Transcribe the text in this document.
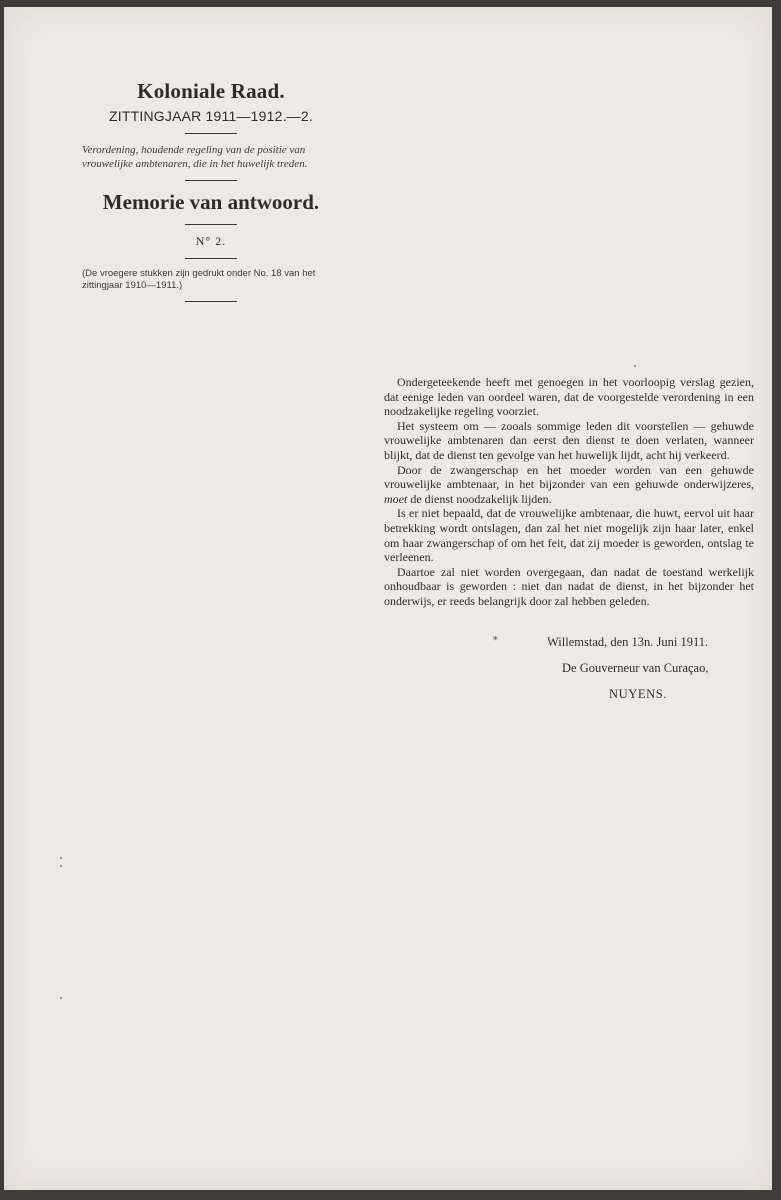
Koloniale Raad.
ZITTINGJAAR 1911—1912.—2.

Verordening, houdende regeling van de positie van vrouwelijke ambtenaren, die in het huwelijk treden.

Memorie van antwoord.
N° 2.

(De vroegere stukken zijn gedrukt onder No. 18 van het zittingjaar 1910—1911.)

Ondergeteekende heeft met genoegen in het voorloopig verslag gezien, dat eenige leden van oordeel waren, dat de voorgestelde verordening in een noodzakelijke regeling voorziet.

Het systeem om — zooals sommige leden dit voorstellen — gehuwde vrouwelijke ambtenaren dan eerst den dienst te doen verlaten, wanneer blijkt, dat de dienst ten gevolge van het huwelijk lijdt, acht hij verkeerd.

Door de zwangerschap en het moeder worden van een gehuwde vrouwelijke ambtenaar, in het bijzonder van een gehuwde onderwijzeres, moet de dienst noodzakelijk lijden.

Is er niet bepaald, dat de vrouwelijke ambtenaar, die huwt, eervol uit haar betrekking wordt ontslagen, dan zal het niet mogelijk zijn haar later, enkel om haar zwangerschap of om het feit, dat zij moeder is geworden, ontslag te verleenen.

Daartoe zal niet worden overgegaan, dan nadat de toestand werkelijk onhoudbaar is geworden : niet dan nadat de dienst, in het bijzonder het onderwijs, er reeds belangrijk door zal hebben geleden.

*	Willemstad, den 13n. Juni 1911.
De Gouverneur van Curaçao,
NUYENS.
